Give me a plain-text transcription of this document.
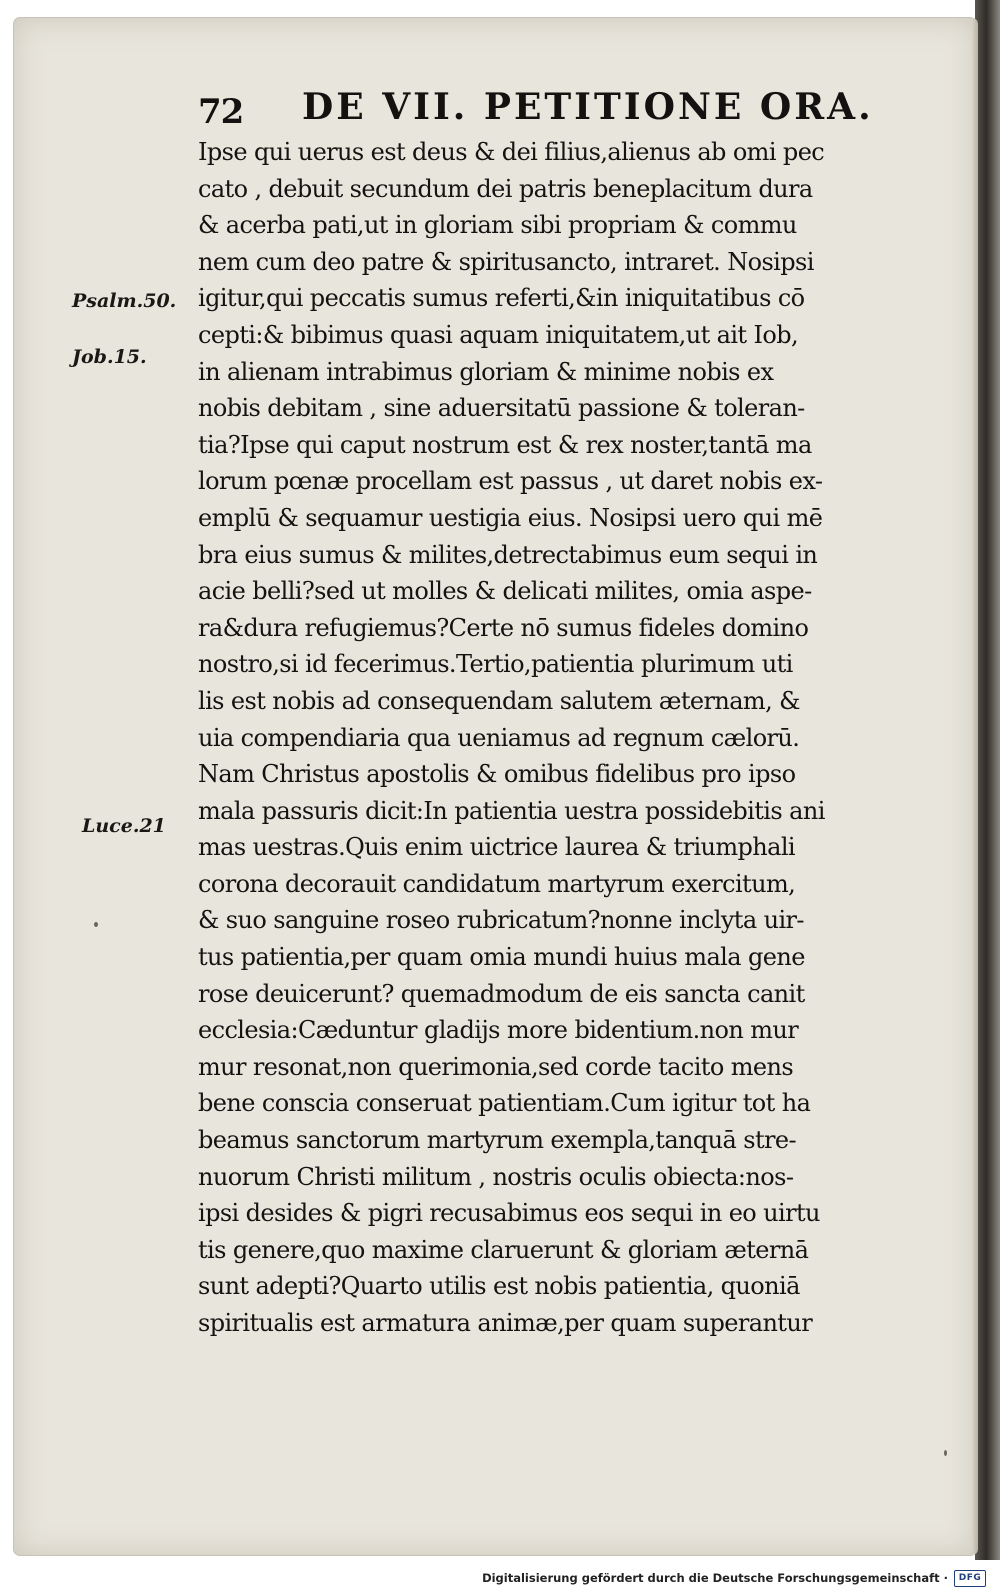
72 DE VII. PETITIONE ORA.
Ipse qui uerus est deus & dei filius,alienus ab omi pec
cato , debuit secundum dei patris beneplacitum dura
& acerba pati,ut in gloriam sibi propriam & commu
nem cum deo patre & spiritusancto, intraret. Nosipsi
igitur,qui peccatis sumus referti,&in iniquitatibus cō
cepti:& bibimus quasi aquam iniquitatem,ut ait Iob,
in alienam intrabimus gloriam & minime nobis ex
nobis debitam , sine aduersitatū passione & toleran-
tia?Ipse qui caput nostrum est & rex noster,tantā ma
lorum pœnæ procellam est passus , ut daret nobis ex-
emplū & sequamur uestigia eius. Nosipsi uero qui mē
bra eius sumus & milites,detrectabimus eum sequi in
acie belli?sed ut molles & delicati milites, omia aspe-
ra&dura refugiemus?Certe nō sumus fideles domino
nostro,si id fecerimus.Tertio,patientia plurimum uti
lis est nobis ad consequendam salutem æternam, &
uia compendiaria qua ueniamus ad regnum cælorū.
Nam Christus apostolis & omibus fidelibus pro ipso
mala passuris dicit:In patientia uestra possidebitis ani
mas uestras.Quis enim uictrice laurea & triumphali
corona decorauit candidatum martyrum exercitum,
& suo sanguine roseo rubricatum?nonne inclyta uir-
tus patientia,per quam omia mundi huius mala gene
rose deuicerunt? quemadmodum de eis sancta canit
ecclesia:Cæduntur gladijs more bidentium.non mur
mur resonat,non querimonia,sed corde tacito mens
bene conscia conseruat patientiam.Cum igitur tot ha
beamus sanctorum martyrum exempla,tanquā stre-
nuorum Christi militum , nostris oculis obiecta:nos-
ipsi desides & pigri recusabimus eos sequi in eo uirtu
tis genere,quo maxime claruerunt & gloriam æternā
sunt adepti?Quarto utilis est nobis patientia, quoniā
spiritualis est armatura animæ,per quam superantur
Psalm.50.
Job.15.
Luce.21
Digitalisierung gefördert durch die Deutsche Forschungsgemeinschaft ·	DFG
